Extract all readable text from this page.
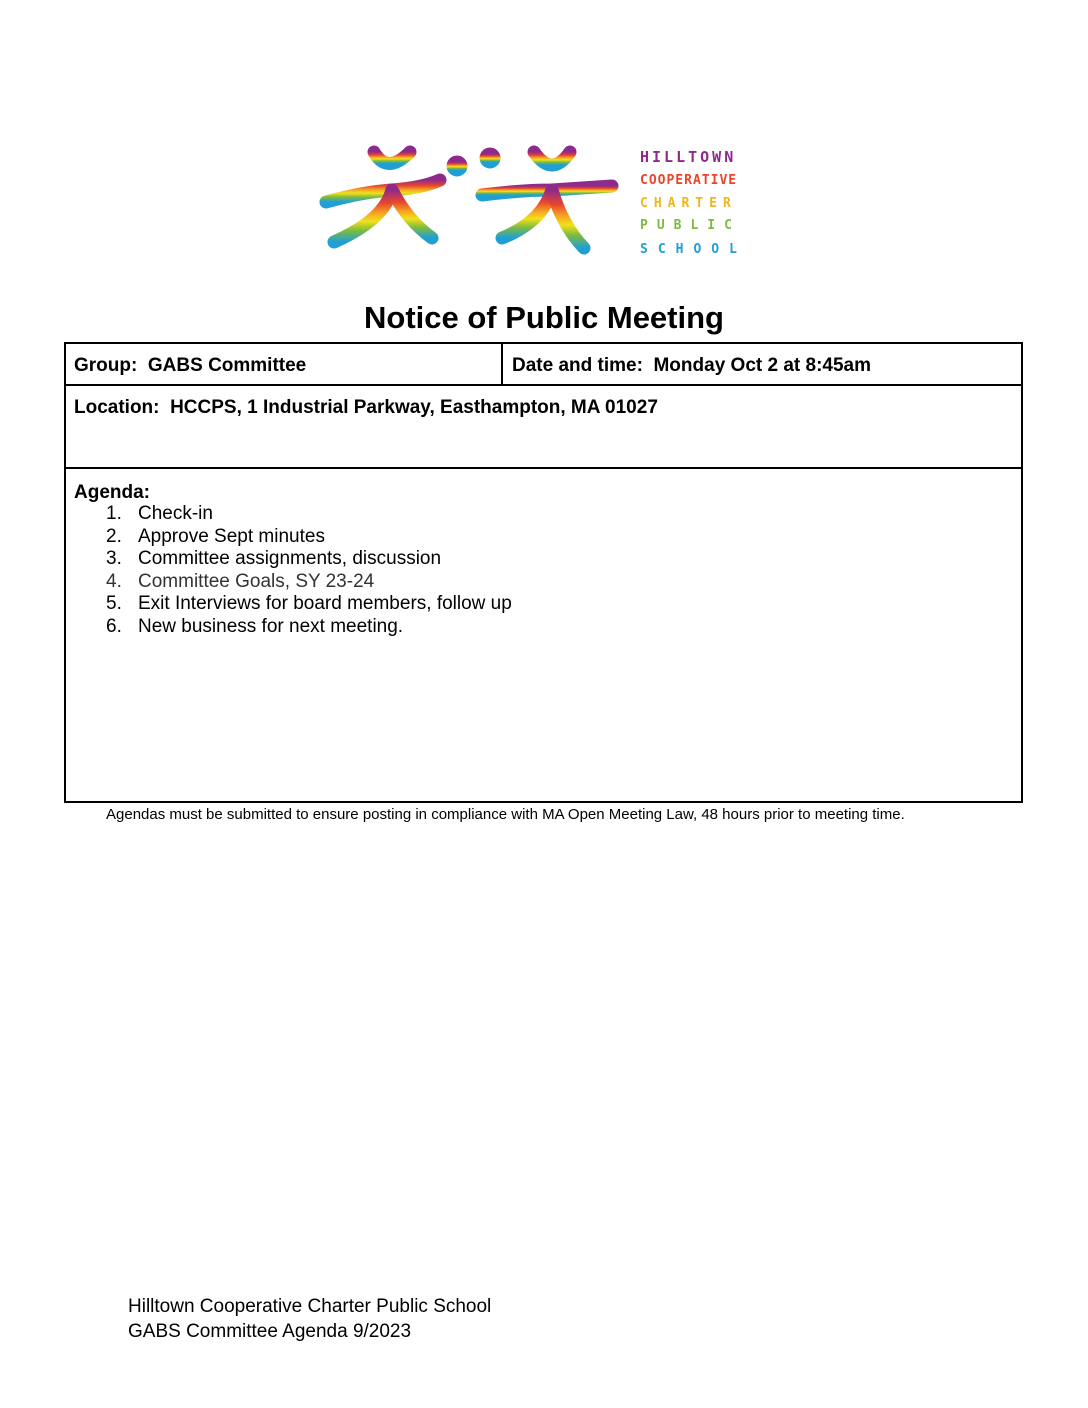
HILLTOWN
COOPERATIVE
CHARTER
PUBLIC
SCHOOL
Notice of Public Meeting
Group: GABS Committee	Date and time: Monday Oct 2 at 8:45am
Location: HCCPS, 1 Industrial Parkway, Easthampton, MA 01027
Agenda:
1. Check-in
2. Approve Sept minutes
3. Committee assignments, discussion
4. Committee Goals, SY 23-24
5. Exit Interviews for board members, follow up
6. New business for next meeting.
Agendas must be submitted to ensure posting in compliance with MA Open Meeting Law, 48 hours prior to meeting time.
Hilltown Cooperative Charter Public School
GABS Committee Agenda 9/2023
